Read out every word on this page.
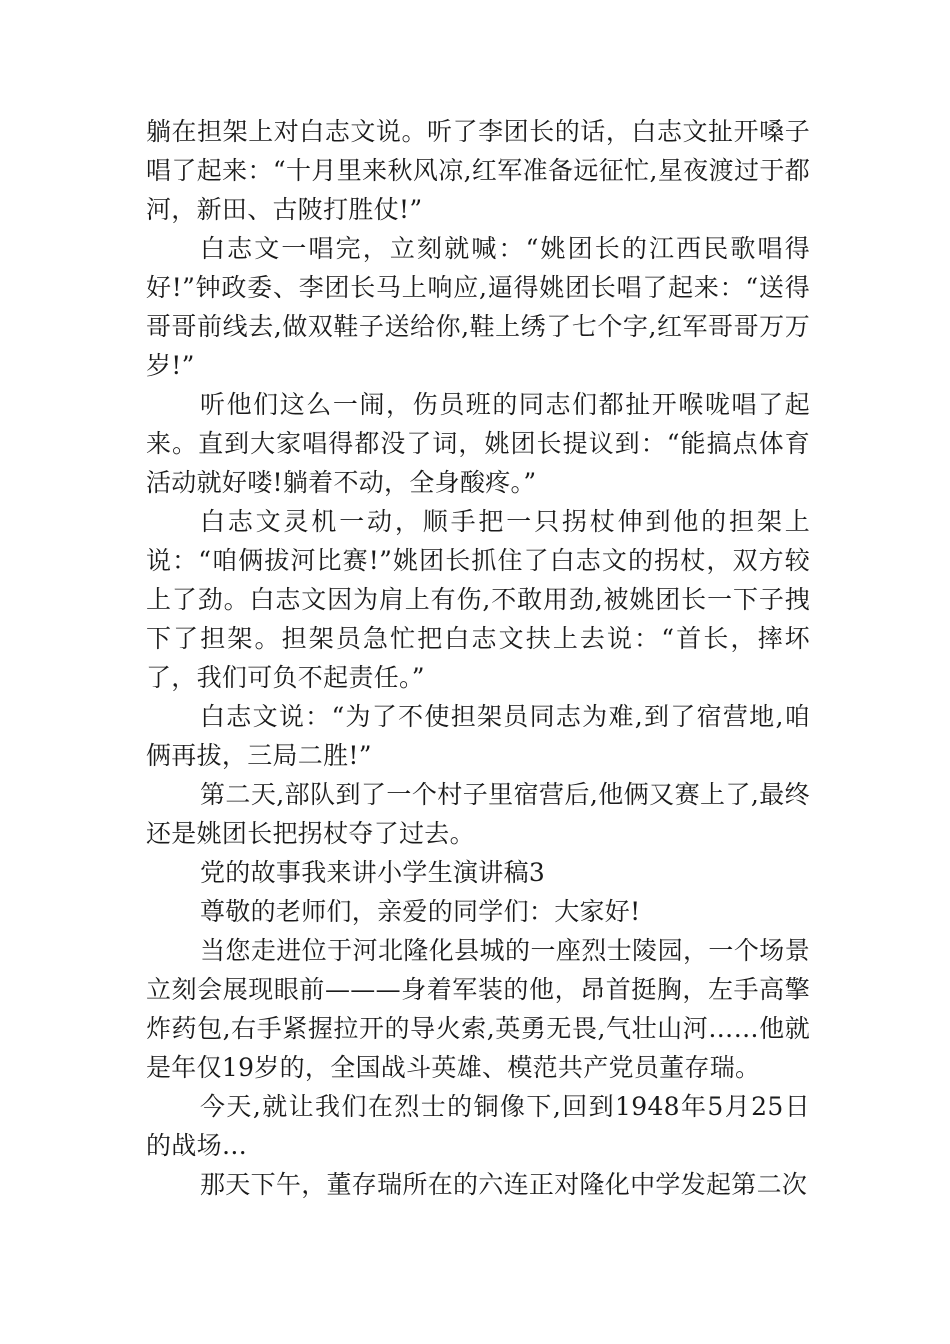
躺在担架上对白志文说。听了李团长的话，白志文扯开嗓子唱了起来：“十月里来秋风凉,红军准备远征忙,星夜渡过于都河，新田、古陂打胜仗!”

白志文一唱完，立刻就喊：“姚团长的江西民歌唱得好!”钟政委、李团长马上响应,逼得姚团长唱了起来：“送得哥哥前线去,做双鞋子送给你,鞋上绣了七个字,红军哥哥万万岁!”

听他们这么一闹，伤员班的同志们都扯开喉咙唱了起来。直到大家唱得都没了词，姚团长提议到：“能搞点体育活动就好喽!躺着不动，全身酸疼。”

白志文灵机一动，顺手把一只拐杖伸到他的担架上说：“咱俩拔河比赛!”姚团长抓住了白志文的拐杖，双方较上了劲。白志文因为肩上有伤,不敢用劲,被姚团长一下子拽下了担架。担架员急忙把白志文扶上去说：“首长，摔坏了，我们可负不起责任。”

白志文说：“为了不使担架员同志为难,到了宿营地,咱俩再拔，三局二胜!”

第二天,部队到了一个村子里宿营后,他俩又赛上了,最终还是姚团长把拐杖夺了过去。

党的故事我来讲小学生演讲稿3

尊敬的老师们，亲爱的同学们：大家好!

当您走进位于河北隆化县城的一座烈士陵园，一个场景立刻会展现眼前———身着军装的他，昂首挺胸，左手高擎炸药包,右手紧握拉开的导火索,英勇无畏,气壮山河……他就是年仅19岁的，全国战斗英雄、模范共产党员董存瑞。

今天,就让我们在烈士的铜像下,回到1948年5月25日的战场…

那天下午，董存瑞所在的六连正对隆化中学发起第二次
